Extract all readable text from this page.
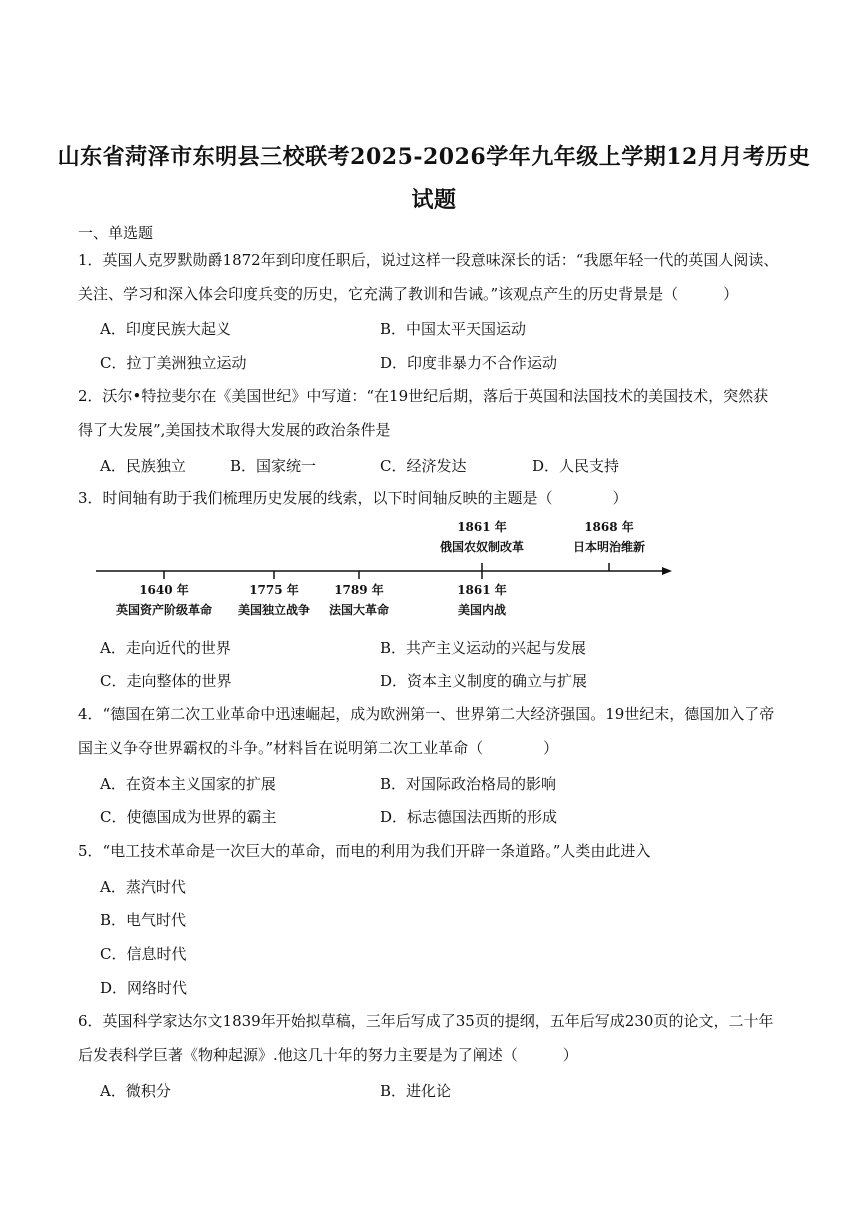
山东省菏泽市东明县三校联考2025-2026学年九年级上学期12月月考历史
试题
一、单选题
1．英国人克罗默勋爵1872年到印度任职后，说过这样一段意味深长的话：“我愿年轻一代的英国人阅读、
关注、学习和深入体会印度兵变的历史，它充满了教训和告诫。”该观点产生的历史背景是（　　　）
A．印度民族大起义	B．中国太平天国运动
C．拉丁美洲独立运动	D．印度非暴力不合作运动
2．沃尔•特拉斐尔在《美国世纪》中写道：“在19世纪后期，落后于英国和法国技术的美国技术，突然获
得了大发展”,美国技术取得大发展的政治条件是
A．民族独立	B．国家统一	C．经济发达	D．人民支持
3．时间轴有助于我们梳理历史发展的线索，以下时间轴反映的主题是（　　　　）
1861 年
俄国农奴制改革
1868 年
日本明治维新
1640 年
英国资产阶级革命
1775 年
美国独立战争
1789 年
法国大革命
1861 年
美国内战
A．走向近代的世界	B．共产主义运动的兴起与发展
C．走向整体的世界	D．资本主义制度的确立与扩展
4．“德国在第二次工业革命中迅速崛起，成为欧洲第一、世界第二大经济强国。19世纪末，德国加入了帝
国主义争夺世界霸权的斗争。”材料旨在说明第二次工业革命（　　　　）
A．在资本主义国家的扩展	B．对国际政治格局的影响
C．使德国成为世界的霸主	D．标志德国法西斯的形成
5．“电工技术革命是一次巨大的革命，而电的利用为我们开辟一条道路。”人类由此进入
A．蒸汽时代
B．电气时代
C．信息时代
D．网络时代
6．英国科学家达尔文1839年开始拟草稿，三年后写成了35页的提纲，五年后写成230页的论文，二十年
后发表科学巨著《物种起源》.他这几十年的努力主要是为了阐述（　　　）
A．微积分	B．进化论
